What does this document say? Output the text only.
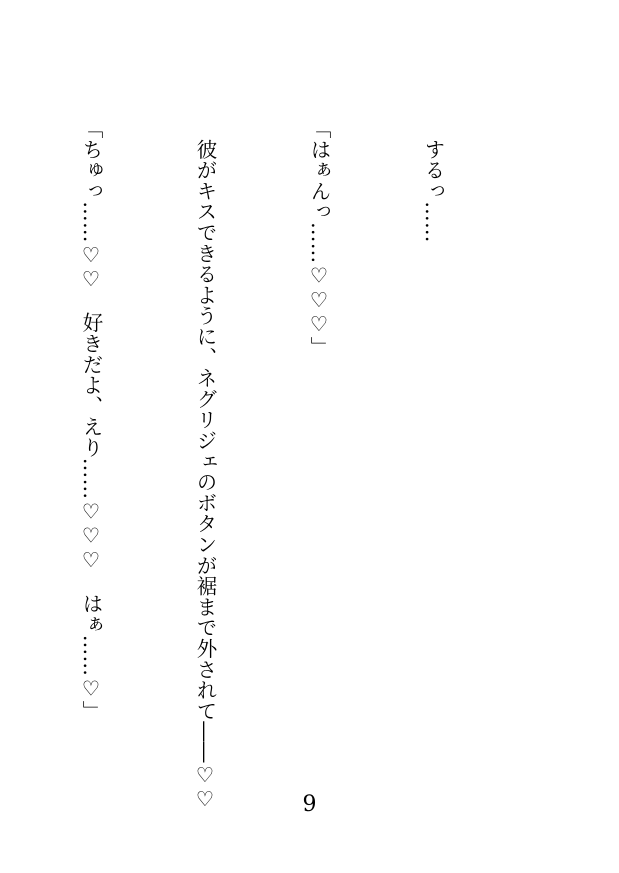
　するっ……

「はぁんっ……♡♡♡」

　彼がキスできるように、ネグリジェのボタンが裾まで外されて――♡♡

「ちゅっ……♡♡　好きだよ、えり……♡♡♡　はぁ……♡」

9
